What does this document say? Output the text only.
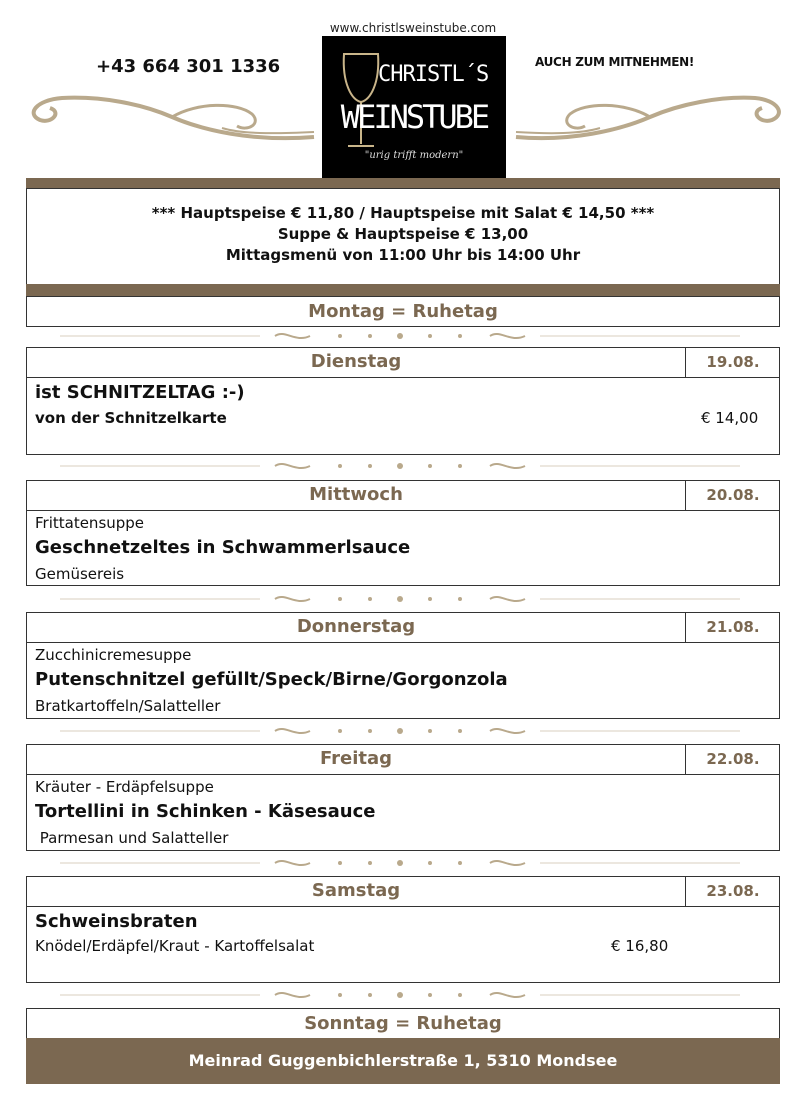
www.christlsweinstube.com
+43 664 301 1336	AUCH ZUM MITNEHMEN!
CHRISTL´S
WEINSTUBE
"urig trifft modern"
*** Hauptspeise € 11,80 / Hauptspeise mit Salat € 14,50 ***
Suppe & Hauptspeise € 13,00
Mittagsmenü von 11:00 Uhr bis 14:00 Uhr
Montag = Ruhetag
Dienstag	19.08.
ist SCHNITZELTAG :-)
von der Schnitzelkarte	€ 14,00
Mittwoch	20.08.
Frittatensuppe
Geschnetzeltes in Schwammerlsauce
Gemüsereis
Donnerstag	21.08.
Zucchinicremesuppe
Putenschnitzel gefüllt/Speck/Birne/Gorgonzola
Bratkartoffeln/Salatteller
Freitag	22.08.
Kräuter - Erdäpfelsuppe
Tortellini in Schinken - Käsesauce
Parmesan und Salatteller
Samstag	23.08.
Schweinsbraten
Knödel/Erdäpfel/Kraut - Kartoffelsalat	€ 16,80
Sonntag = Ruhetag
Meinrad Guggenbichlerstraße 1, 5310 Mondsee
